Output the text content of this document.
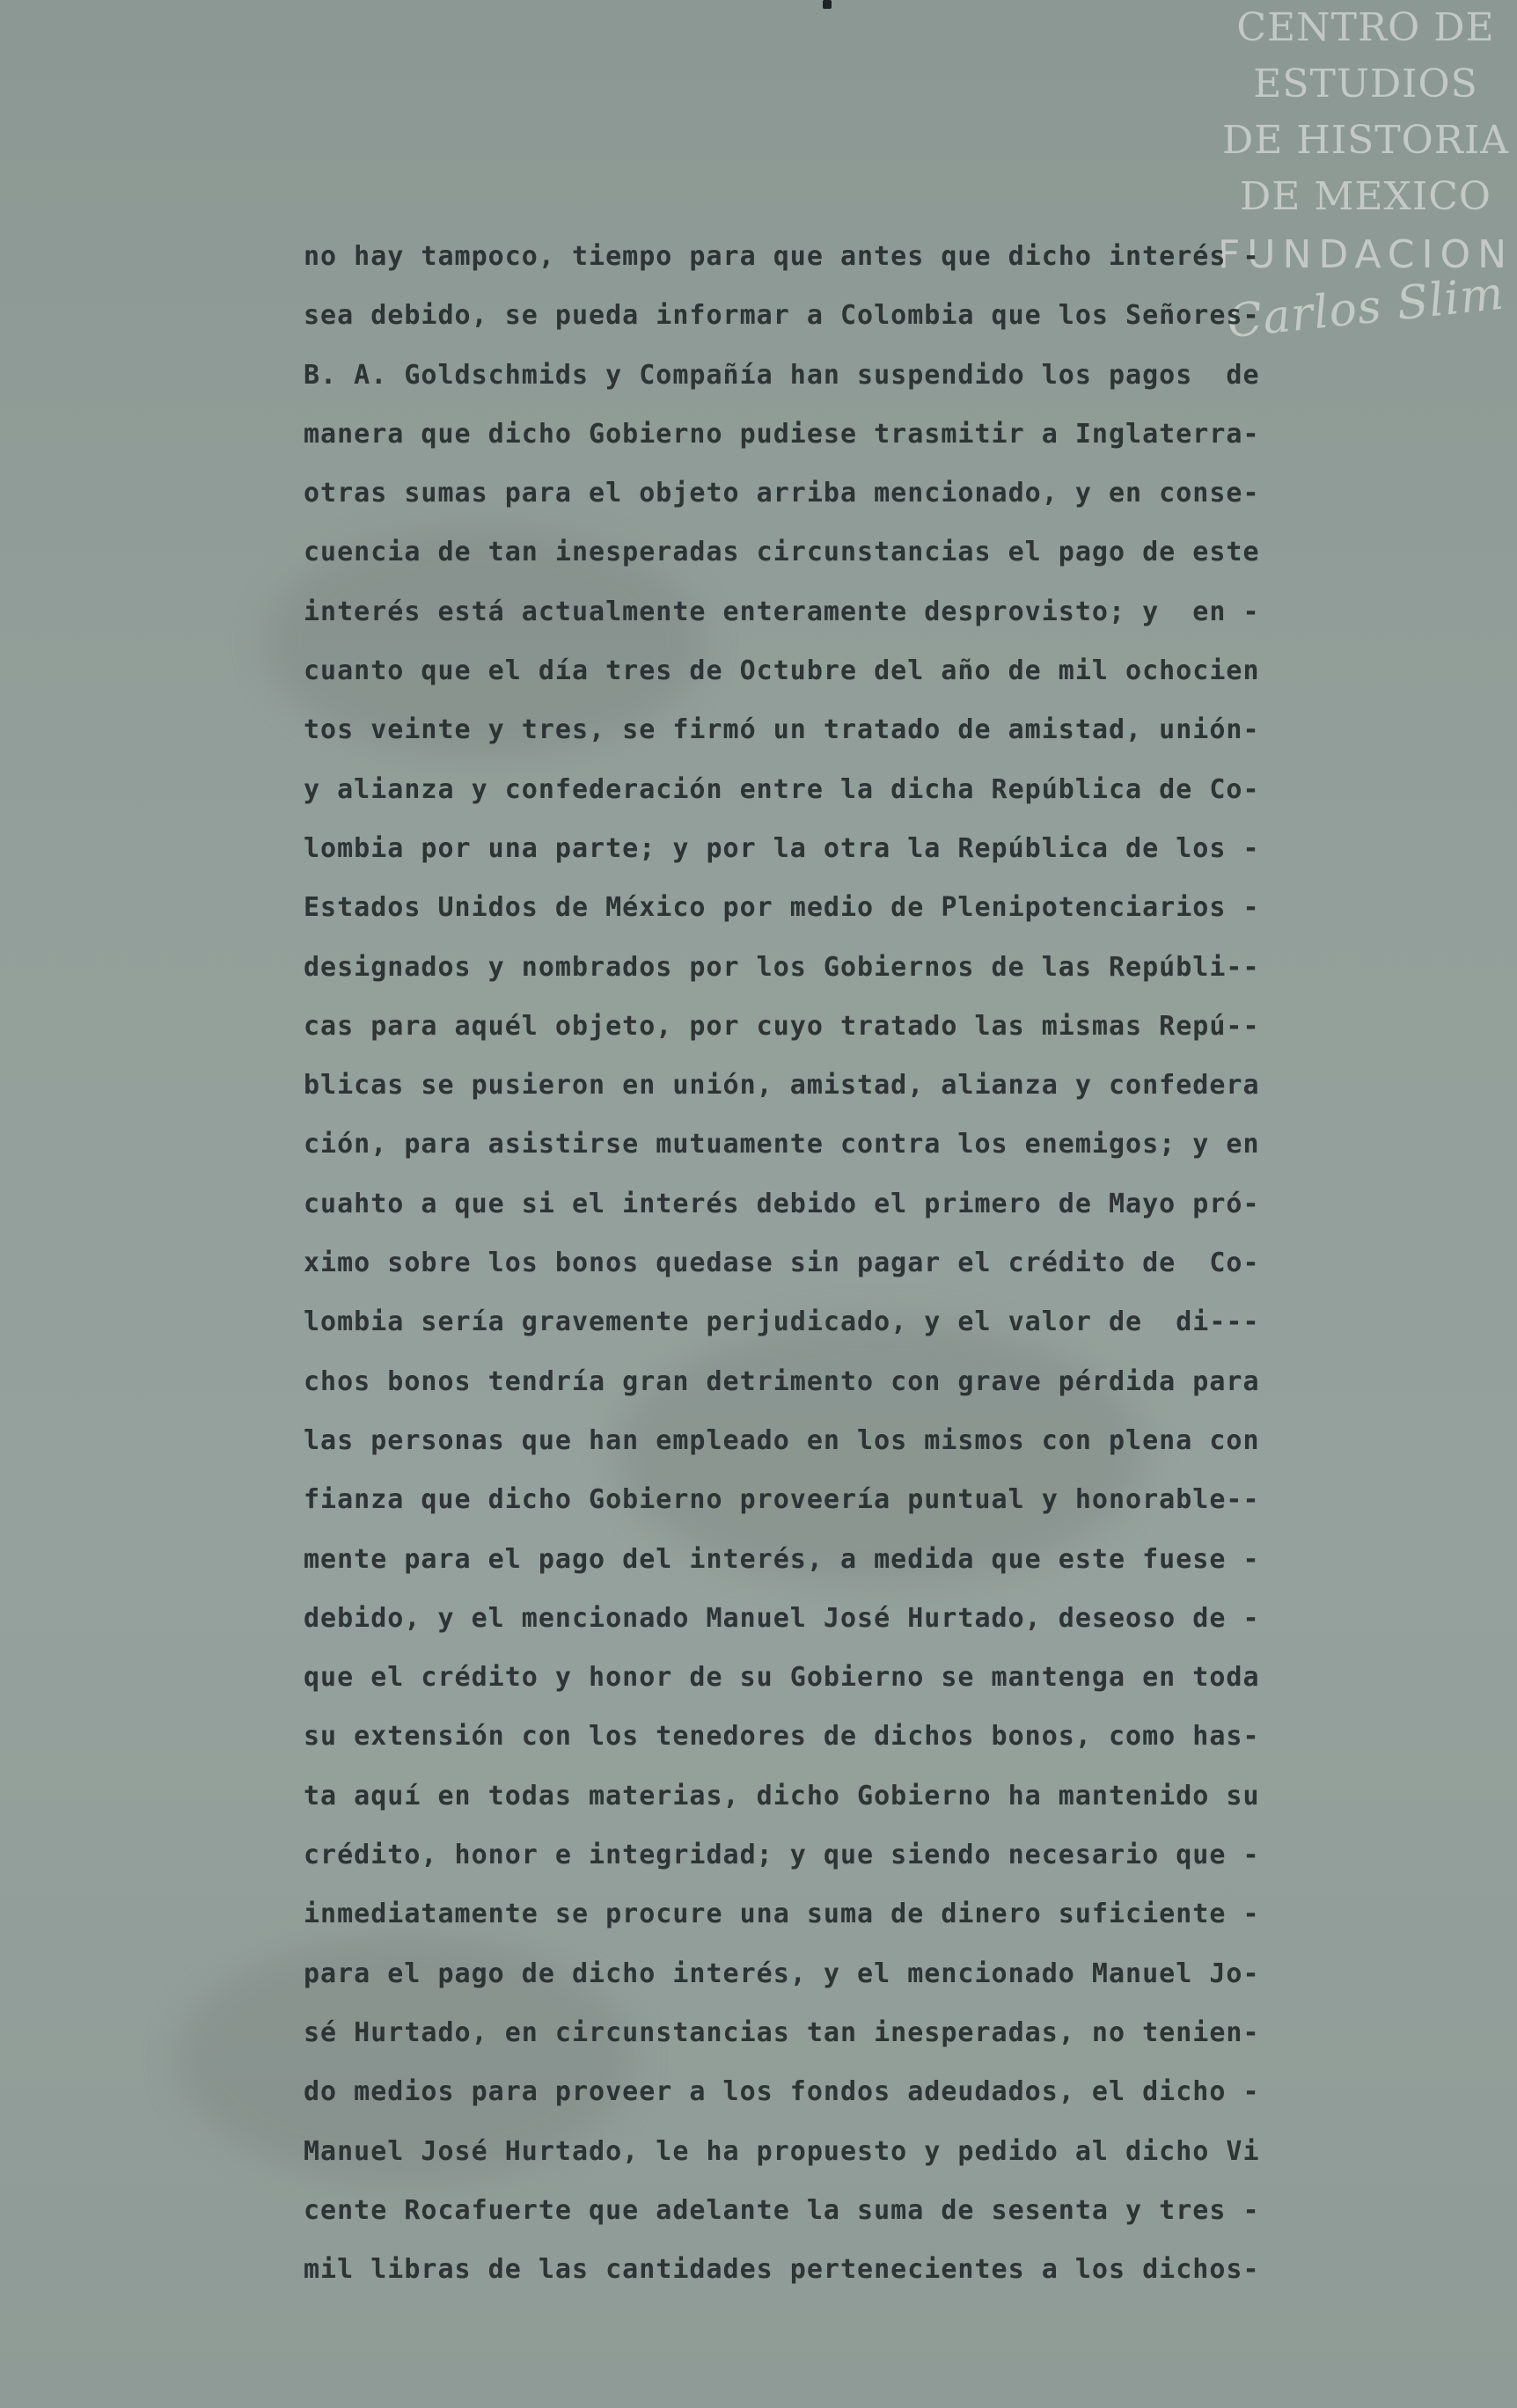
CENTRO DE
ESTUDIOS
DE HISTORIA
DE MEXICO
FUNDACION
Carlos Slim
no hay tampoco, tiempo para que antes que dicho interés -
sea debido, se pueda informar a Colombia que los Señores-
B. A. Goldschmids y Compañía han suspendido los pagos  de
manera que dicho Gobierno pudiese trasmitir a Inglaterra-
otras sumas para el objeto arriba mencionado, y en conse-
cuencia de tan inesperadas circunstancias el pago de este
interés está actualmente enteramente desprovisto; y  en -
cuanto que el día tres de Octubre del año de mil ochocien
tos veinte y tres, se firmó un tratado de amistad, unión-
y alianza y confederación entre la dicha República de Co-
lombia por una parte; y por la otra la República de los -
Estados Unidos de México por medio de Plenipotenciarios -
designados y nombrados por los Gobiernos de las Repúbli--
cas para aquél objeto, por cuyo tratado las mismas Repú--
blicas se pusieron en unión, amistad, alianza y confedera
ción, para asistirse mutuamente contra los enemigos; y en
cuahto a que si el interés debido el primero de Mayo pró-
ximo sobre los bonos quedase sin pagar el crédito de  Co-
lombia sería gravemente perjudicado, y el valor de  di---
chos bonos tendría gran detrimento con grave pérdida para
las personas que han empleado en los mismos con plena con
fianza que dicho Gobierno proveería puntual y honorable--
mente para el pago del interés, a medida que este fuese -
debido, y el mencionado Manuel José Hurtado, deseoso de -
que el crédito y honor de su Gobierno se mantenga en toda
su extensión con los tenedores de dichos bonos, como has-
ta aquí en todas materias, dicho Gobierno ha mantenido su
crédito, honor e integridad; y que siendo necesario que -
inmediatamente se procure una suma de dinero suficiente -
para el pago de dicho interés, y el mencionado Manuel Jo-
sé Hurtado, en circunstancias tan inesperadas, no tenien-
do medios para proveer a los fondos adeudados, el dicho -
Manuel José Hurtado, le ha propuesto y pedido al dicho Vi
cente Rocafuerte que adelante la suma de sesenta y tres -
mil libras de las cantidades pertenecientes a los dichos-
